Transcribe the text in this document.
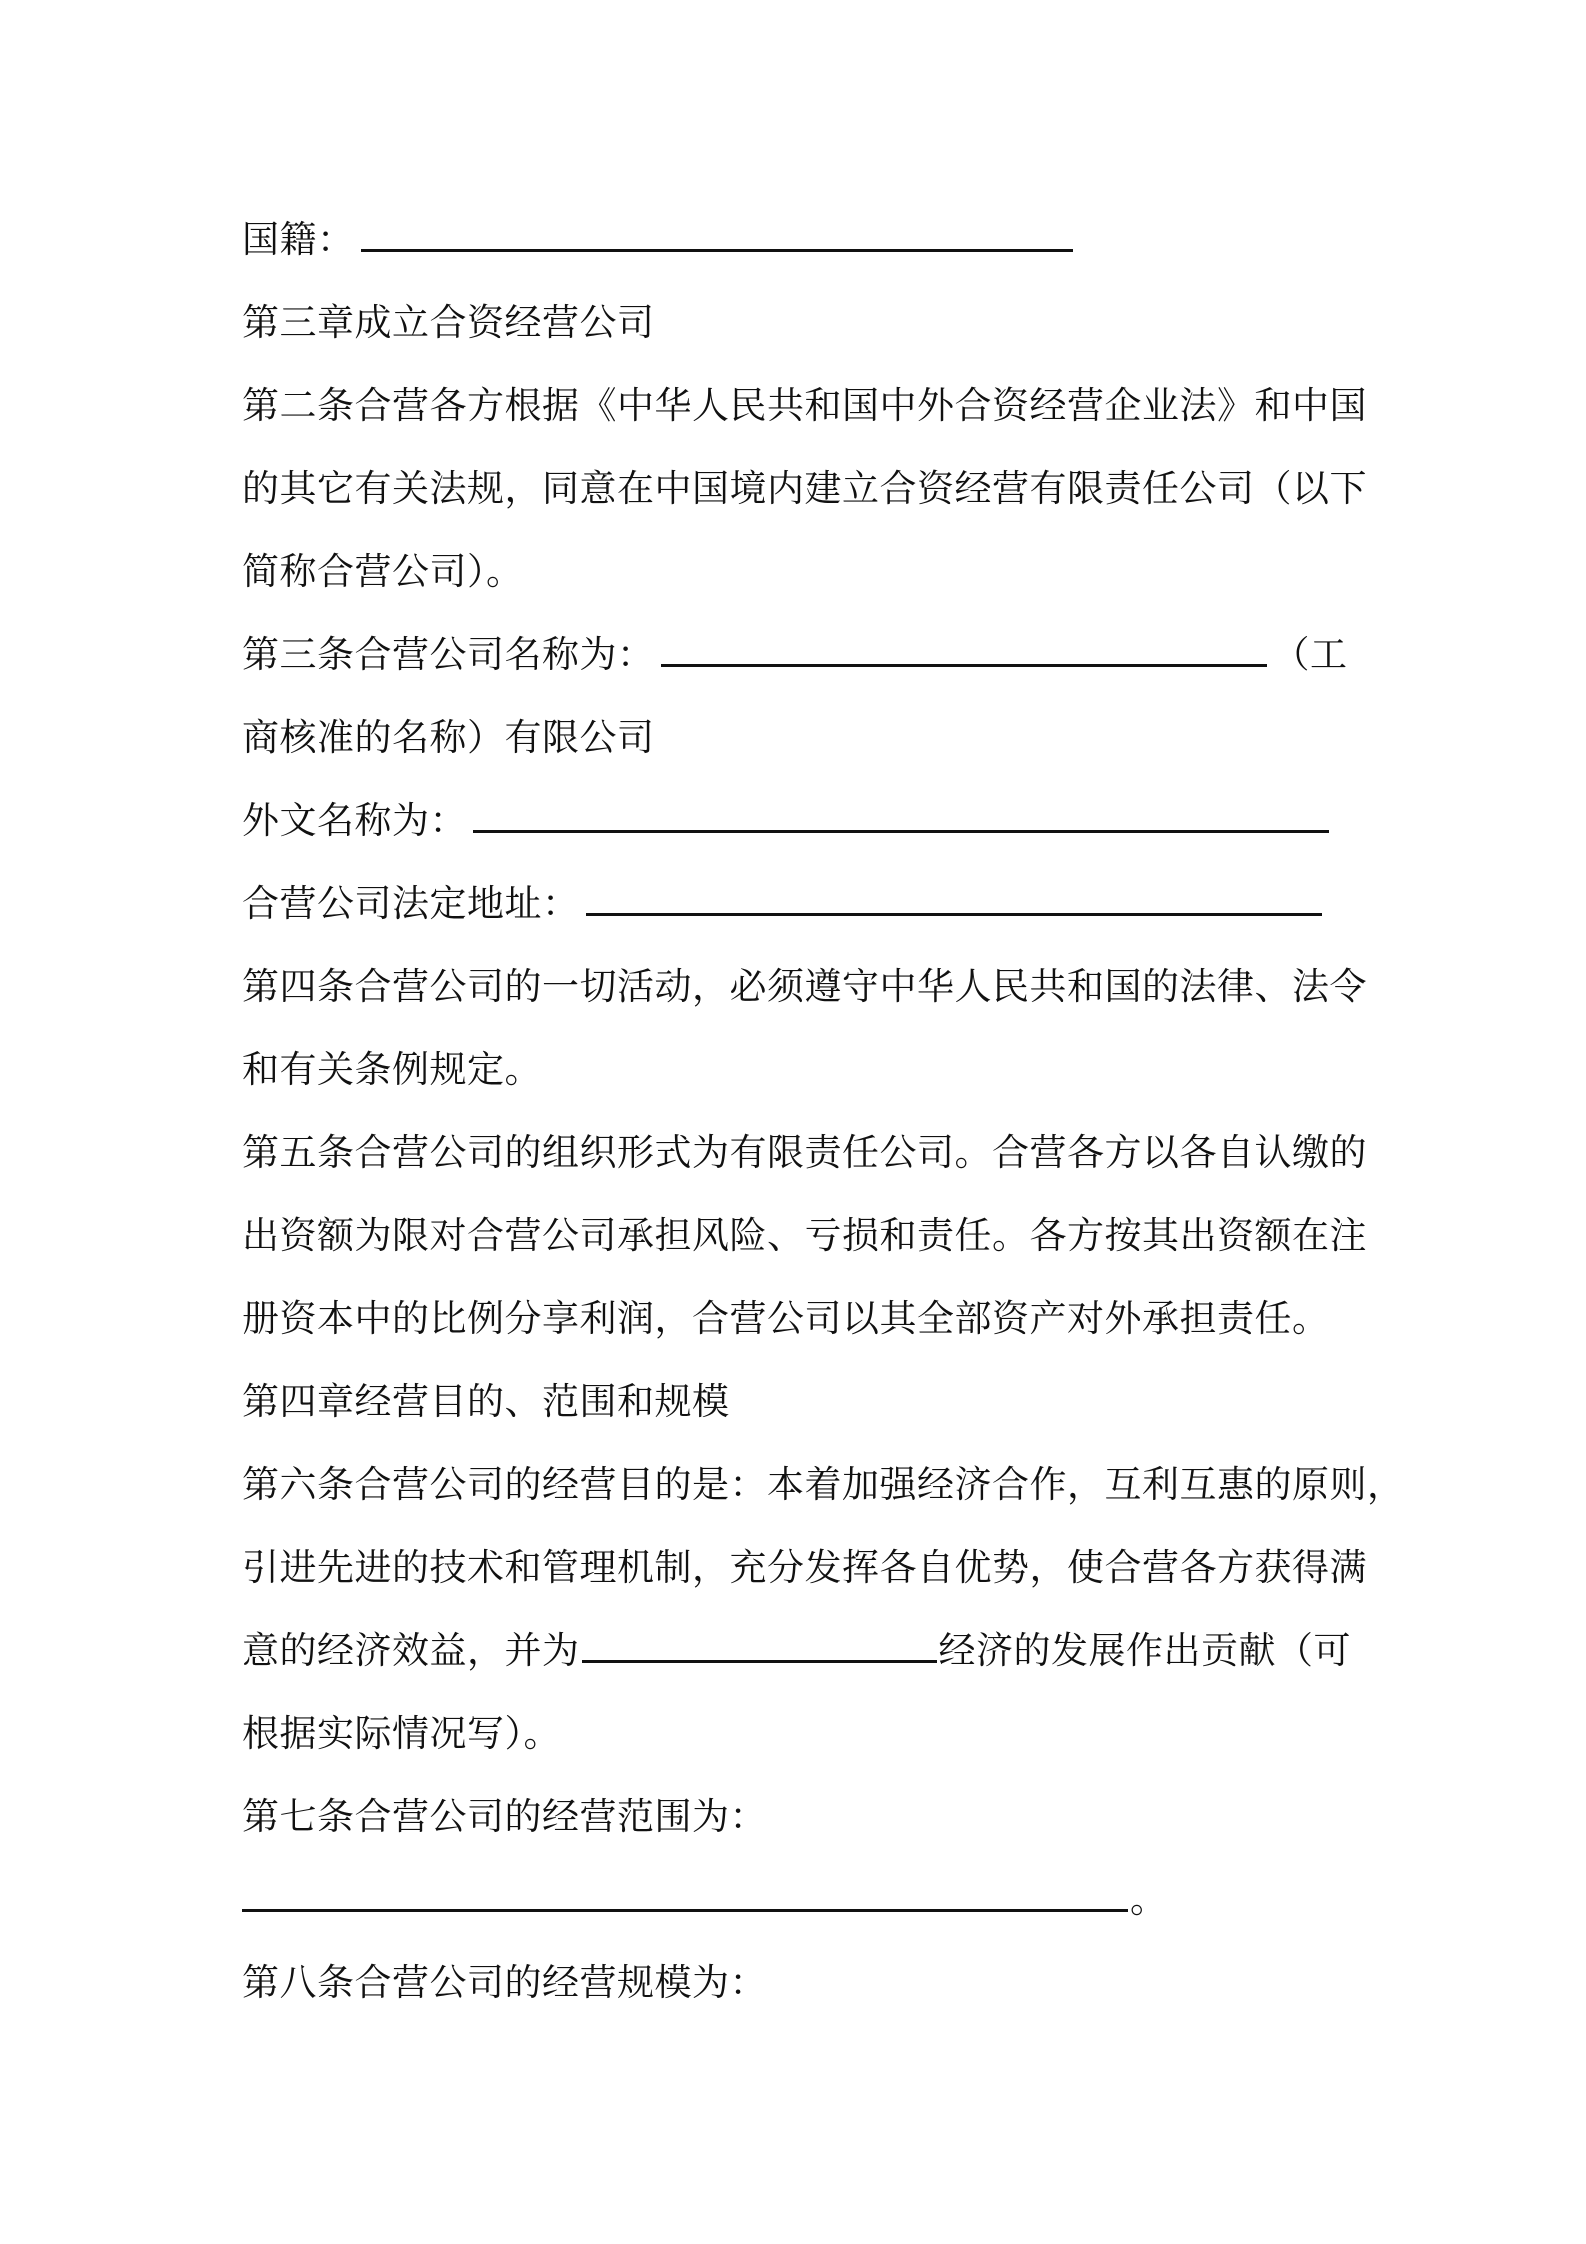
国籍：
第三章成立合资经营公司
第二条合营各方根据《中华人民共和国中外合资经营企业法》和中国
的其它有关法规，同意在中国境内建立合资经营有限责任公司（以下
简称合营公司）。
第三条合营公司名称为：	（工
商核准的名称）有限公司
外文名称为：
合营公司法定地址：
第四条合营公司的一切活动，必须遵守中华人民共和国的法律、法令
和有关条例规定。
第五条合营公司的组织形式为有限责任公司。合营各方以各自认缴的
出资额为限对合营公司承担风险、亏损和责任。各方按其出资额在注
册资本中的比例分享利润，合营公司以其全部资产对外承担责任。
第四章经营目的、范围和规模
第六条合营公司的经营目的是：本着加强经济合作，互利互惠的原则，
引进先进的技术和管理机制，充分发挥各自优势，使合营各方获得满
意的经济效益，并为	经济的发展作出贡献（可
根据实际情况写）。
第七条合营公司的经营范围为：
。
第八条合营公司的经营规模为：
